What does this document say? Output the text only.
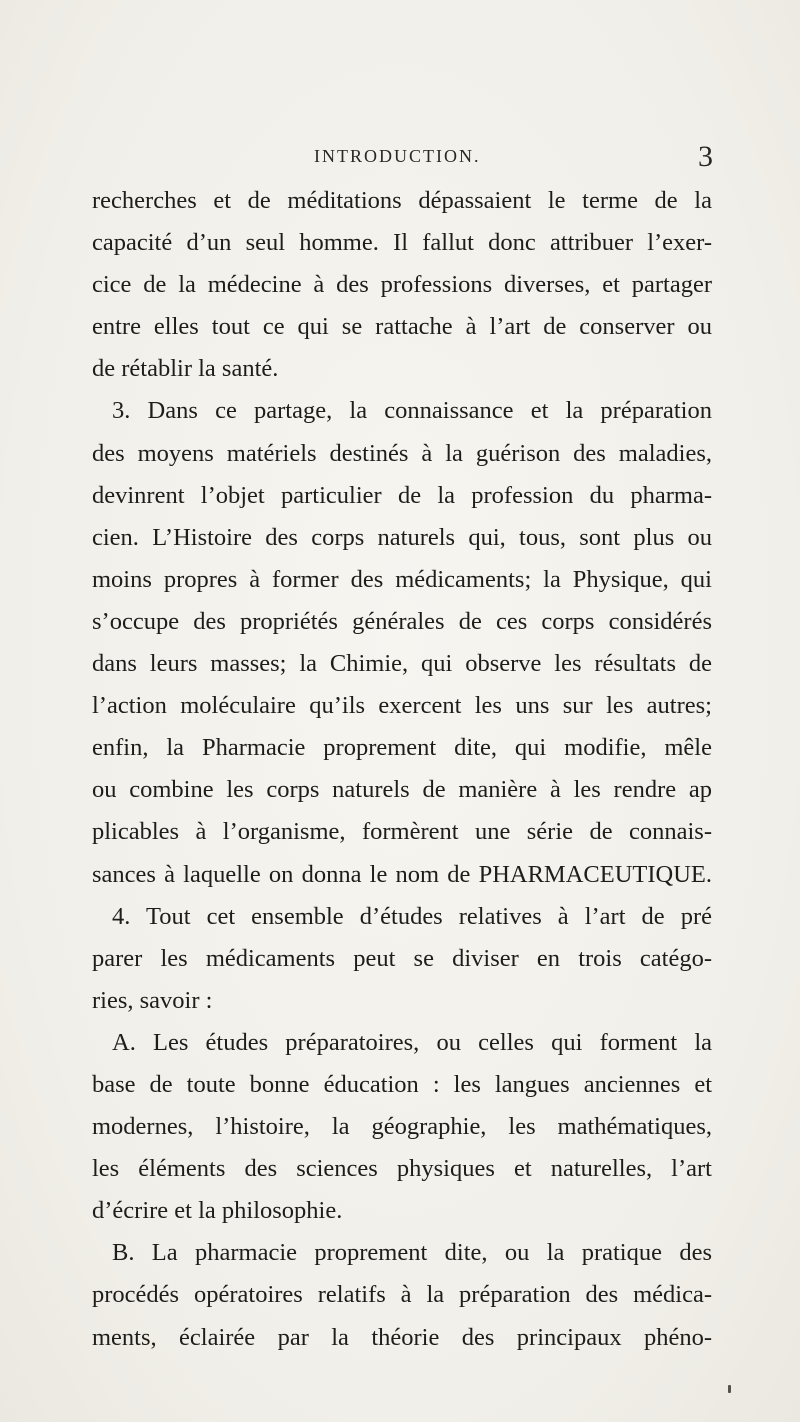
INTRODUCTION.	3
recherches et de méditations dépassaient le terme de la
capacité d’un seul homme. Il fallut donc attribuer l’exer-
cice de la médecine à des professions diverses, et partager
entre elles tout ce qui se rattache à l’art de conserver ou
de rétablir la santé.
3. Dans ce partage, la connaissance et la préparation
des moyens matériels destinés à la guérison des maladies,
devinrent l’objet particulier de la profession du pharma-
cien. L’Histoire des corps naturels qui, tous, sont plus ou
moins propres à former des médicaments; la Physique, qui
s’occupe des propriétés générales de ces corps considérés
dans leurs masses; la Chimie, qui observe les résultats de
l’action moléculaire qu’ils exercent les uns sur les autres;
enfin, la Pharmacie proprement dite, qui modifie, mêle
ou combine les corps naturels de manière à les rendre ap
plicables à l’organisme, formèrent une série de connais-
sances à laquelle on donna le nom de PHARMACEUTIQUE.
4. Tout cet ensemble d’études relatives à l’art de pré
parer les médicaments peut se diviser en trois catégo-
ries, savoir :
A. Les études préparatoires, ou celles qui forment la
base de toute bonne éducation : les langues anciennes et
modernes, l’histoire, la géographie, les mathématiques,
les éléments des sciences physiques et naturelles, l’art
d’écrire et la philosophie.
B. La pharmacie proprement dite, ou la pratique des
procédés opératoires relatifs à la préparation des médica-
ments, éclairée par la théorie des principaux phéno-
